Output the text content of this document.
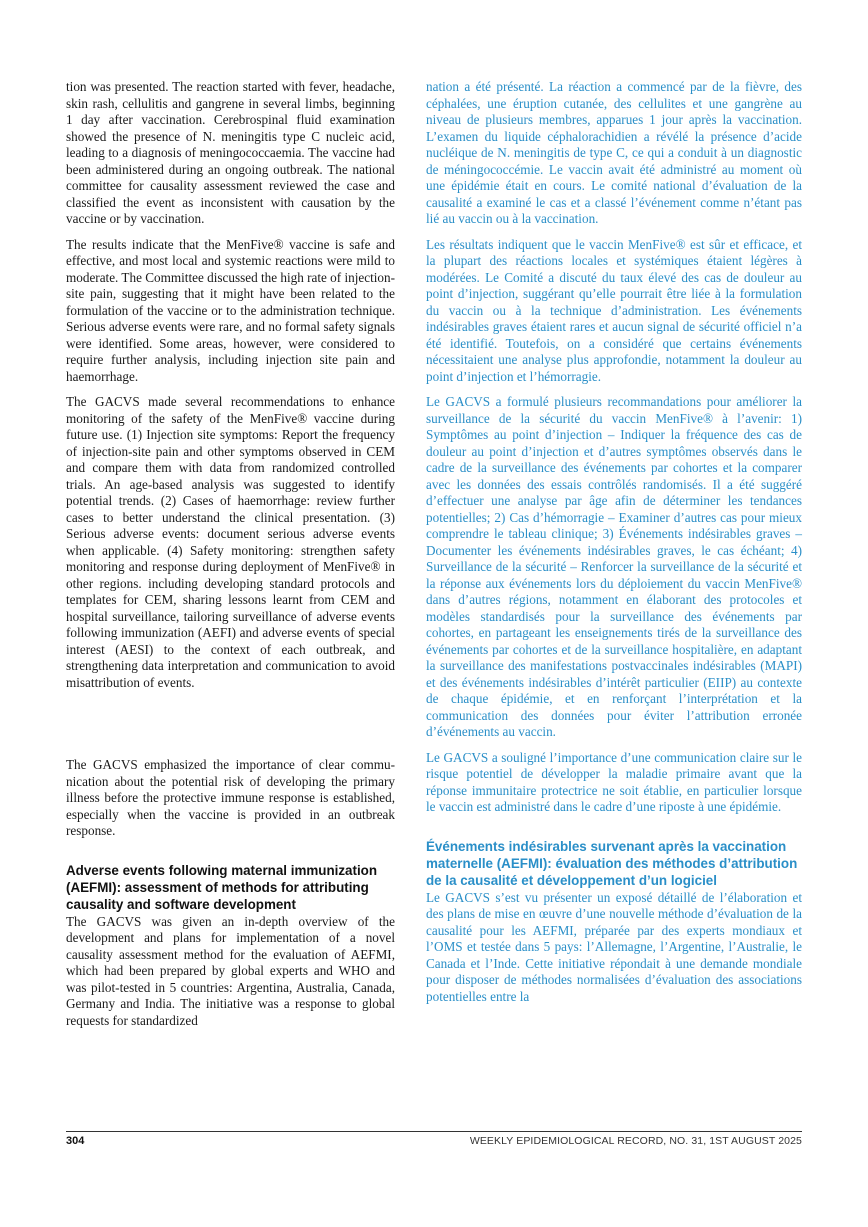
tion was presented. The reaction started with fever, headache, skin rash, cellulitis and gangrene in several limbs, beginning 1 day after vaccination. Cerebrospinal fluid examination showed the presence of N. meningitis type C nucleic acid, leading to a diagnosis of meningococcaemia. The vaccine had been administered during an ongoing outbreak. The national committee for causality assessment reviewed the case and classified the event as inconsistent with causation by the vaccine or by vaccination.

The results indicate that the MenFive® vaccine is safe and effective, and most local and systemic reactions were mild to moderate. The Committee discussed the high rate of injection-site pain, suggesting that it might have been related to the formulation of the vaccine or to the administration technique. Serious adverse events were rare, and no formal safety signals were identified. Some areas, however, were considered to require further analysis, including injection site pain and haemorrhage.

The GACVS made several recommendations to enhance monitoring of the safety of the MenFive® vaccine during future use. (1) Injection site symptoms: Report the frequency of injection-site pain and other symptoms observed in CEM and compare them with data from randomized controlled trials. An age-based analysis was suggested to identify potential trends. (2) Cases of haemorrhage: review further cases to better understand the clinical presentation. (3) Serious adverse events: document serious adverse events when applicable. (4) Safety monitoring: strengthen safety monitoring and response during deployment of MenFive® in other regions. including developing standard protocols and templates for CEM, sharing lessons learnt from CEM and hospital surveillance, tailoring surveillance of adverse events following immunization (AEFI) and adverse events of special interest (AESI) to the context of each outbreak, and strengthening data interpretation and communication to avoid misattribution of events.

The GACVS emphasized the importance of clear communication about the potential risk of developing the primary illness before the protective immune response is established, especially when the vaccine is provided in an outbreak response.

Adverse events following maternal immunization (AEFMI): assessment of methods for attributing causality and software development

The GACVS was given an in-depth overview of the development and plans for implementation of a novel causality assessment method for the evaluation of AEFMI, which had been prepared by global experts and WHO and was pilot-tested in 5 countries: Argentina, Australia, Canada, Germany and India. The initiative was a response to global requests for standardized

nation a été présenté. La réaction a commencé par de la fièvre, des céphalées, une éruption cutanée, des cellulites et une gangrène au niveau de plusieurs membres, apparues 1 jour après la vaccination. L’examen du liquide céphalorachidien a révélé la présence d’acide nucléique de N. meningitis de type C, ce qui a conduit à un diagnostic de méningococcémie. Le vaccin avait été administré au moment où une épidémie était en cours. Le comité national d’évaluation de la causalité a examiné le cas et a classé l’événement comme n’étant pas lié au vaccin ou à la vaccination.

Les résultats indiquent que le vaccin MenFive® est sûr et efficace, et la plupart des réactions locales et systémiques étaient légères à modérées. Le Comité a discuté du taux élevé des cas de douleur au point d’injection, suggérant qu’elle pourrait être liée à la formulation du vaccin ou à la technique d’administration. Les événements indésirables graves étaient rares et aucun signal de sécurité officiel n’a été identifié. Toutefois, on a considéré que certains événements nécessitaient une analyse plus approfondie, notamment la douleur au point d’injection et l’hémorragie.

Le GACVS a formulé plusieurs recommandations pour améliorer la surveillance de la sécurité du vaccin MenFive® à l’avenir: 1) Symptômes au point d’injection – Indiquer la fréquence des cas de douleur au point d’injection et d’autres symptômes observés dans le cadre de la surveillance des événements par cohortes et la comparer avec les données des essais contrôlés randomisés. Il a été suggéré d’effectuer une analyse par âge afin de déterminer les tendances potentielles; 2) Cas d’hémorragie – Examiner d’autres cas pour mieux comprendre le tableau clinique; 3) Événements indésirables graves – Documenter les événements indésirables graves, le cas échéant; 4) Surveillance de la sécurité – Renforcer la surveillance de la sécurité et la réponse aux événements lors du déploiement du vaccin MenFive® dans d’autres régions, notamment en élaborant des protocoles et modèles standardisés pour la surveillance des événements par cohortes, en partageant les enseignements tirés de la surveillance des événements par cohortes et de la surveillance hospitalière, en adaptant la surveillance des manifestations postvaccinales indésirables (MAPI) et des événements indésirables d’intérêt particulier (EIIP) au contexte de chaque épidémie, et en renforçant l’interprétation et la communication des données pour éviter l’attribution erronée d’événements au vaccin.

Le GACVS a souligné l’importance d’une communication claire sur le risque potentiel de développer la maladie primaire avant que la réponse immunitaire protectrice ne soit établie, en particulier lorsque le vaccin est administré dans le cadre d’une riposte à une épidémie.

Événements indésirables survenant après la vaccination maternelle (AEFMI): évaluation des méthodes d’attribution de la causalité et développement d’un logiciel

Le GACVS s’est vu présenter un exposé détaillé de l’élaboration et des plans de mise en œuvre d’une nouvelle méthode d’évaluation de la causalité pour les AEFMI, préparée par des experts mondiaux et l’OMS et testée dans 5 pays: l’Allemagne, l’Argentine, l’Australie, le Canada et l’Inde. Cette initiative répondait à une demande mondiale pour disposer de méthodes normalisées d’évaluation des associations potentielles entre la

304	WEEKLY EPIDEMIOLOGICAL RECORD, NO. 31, 1ST AUGUST 2025
